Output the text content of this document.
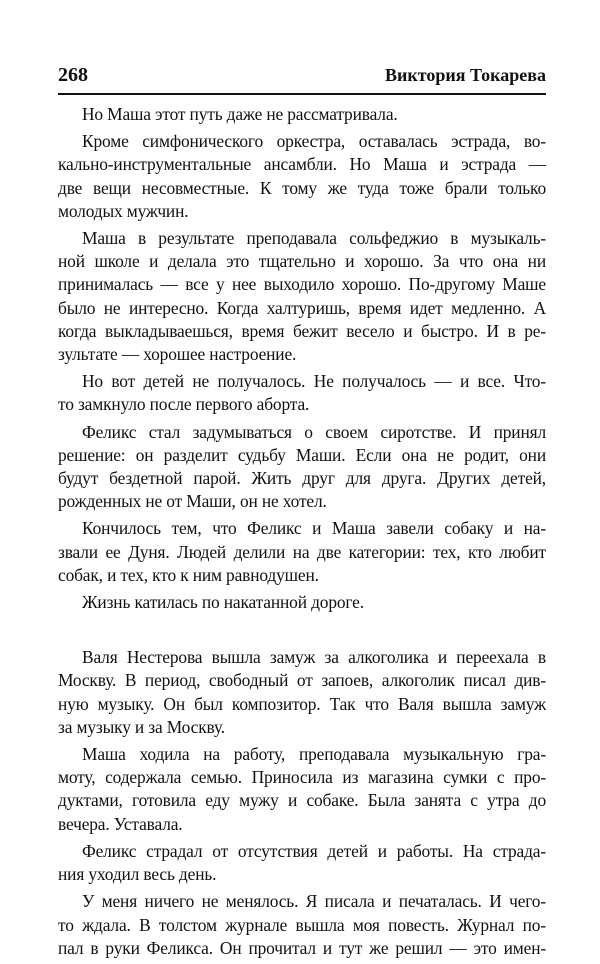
268	Виктория Токарева
Но Маша этот путь даже не рассматривала.
Кроме симфонического оркестра, оставалась эстрада, во-
кально-инструментальные ансамбли. Но Маша и эстрада —
две вещи несовместные. К тому же туда тоже брали только
молодых мужчин.
Маша в результате преподавала сольфеджио в музыкаль-
ной школе и делала это тщательно и хорошо. За что она ни
принималась — все у нее выходило хорошо. По-другому Маше
было не интересно. Когда халтуришь, время идет медленно. А
когда выкладываешься, время бежит весело и быстро. И в ре-
зультате — хорошее настроение.
Но вот детей не получалось. Не получалось — и все. Что-
то замкнуло после первого аборта.
Феликс стал задумываться о своем сиротстве. И принял
решение: он разделит судьбу Маши. Если она не родит, они
будут бездетной парой. Жить друг для друга. Других детей,
рожденных не от Маши, он не хотел.
Кончилось тем, что Феликс и Маша завели собаку и на-
звали ее Дуня. Людей делили на две категории: тех, кто любит
собак, и тех, кто к ним равнодушен.
Жизнь катилась по накатанной дороге.
Валя Нестерова вышла замуж за алкоголика и переехала в
Москву. В период, свободный от запоев, алкоголик писал див-
ную музыку. Он был композитор. Так что Валя вышла замуж
за музыку и за Москву.
Маша ходила на работу, преподавала музыкальную гра-
моту, содержала семью. Приносила из магазина сумки с про-
дуктами, готовила еду мужу и собаке. Была занята с утра до
вечера. Уставала.
Феликс страдал от отсутствия детей и работы. На страда-
ния уходил весь день.
У меня ничего не менялось. Я писала и печаталась. И чего-
то ждала. В толстом журнале вышла моя повесть. Журнал по-
пал в руки Феликса. Он прочитал и тут же решил — это имен-
